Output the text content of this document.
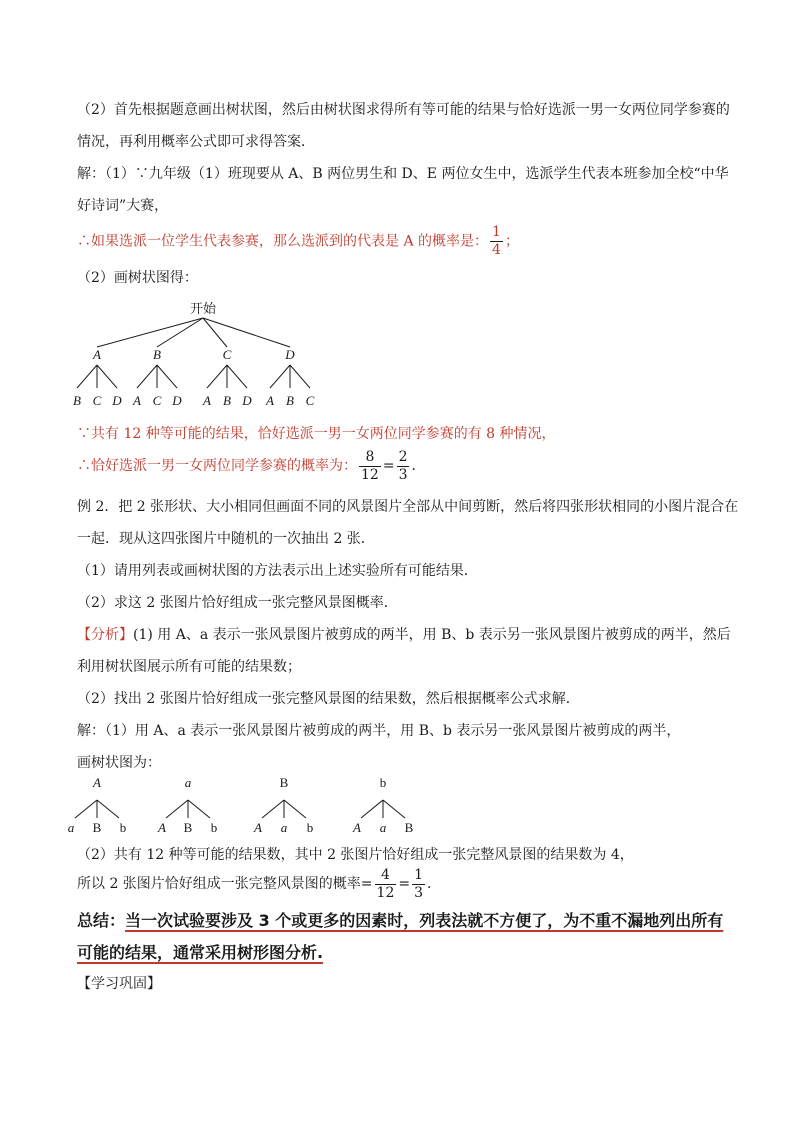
（2）首先根据题意画出树状图，然后由树状图求得所有等可能的结果与恰好选派一男一女两位同学参赛的
情况，再利用概率公式即可求得答案．
解：（1）∵九年级（1）班现要从 A、B 两位男生和 D、E 两位女生中，选派学生代表本班参加全校“中华
好诗词”大赛，
∴如果选派一位学生代表参赛，那么选派到的代表是 A 的概率是： $\frac{1}{4}$ ；
（2）画树状图得：
开始
A
B C D
B
A C D
C
A B D
D
A B C
∵共有 12 种等可能的结果，恰好选派一男一女两位同学参赛的有 8 种情况，
∴恰好选派一男一女两位同学参赛的概率为： $\frac{8}{12} = \frac{2}{3}$ ．
例 2．把 2 张形状、大小相同但画面不同的风景图片全部从中间剪断，然后将四张形状相同的小图片混合在
一起．现从这四张图片中随机的一次抽出 2 张．
（1）请用列表或画树状图的方法表示出上述实验所有可能结果．
（2）求这 2 张图片恰好组成一张完整风景图概率．
【分析】(1) 用 A、a 表示一张风景图片被剪成的两半，用 B、b 表示另一张风景图片被剪成的两半，然后
利用树状图展示所有可能的结果数；
（2）找出 2 张图片恰好组成一张完整风景图的结果数，然后根据概率公式求解．
解：（1）用 A、a 表示一张风景图片被剪成的两半，用 B、b 表示另一张风景图片被剪成的两半，
画树状图为：
A
a B b
a
A B b
B
A a b
b
A a B
（2）共有 12 种等可能的结果数，其中 2 张图片恰好组成一张完整风景图的结果数为 4，
所以 2 张图片恰好组成一张完整风景图的概率= $\frac{4}{12} = \frac{1}{3}$ ．
总结：当一次试验要涉及 3 个或更多的因素时，列表法就不方便了，为不重不漏地列出所有
可能的结果，通常采用树形图分析.
【学习巩固】
